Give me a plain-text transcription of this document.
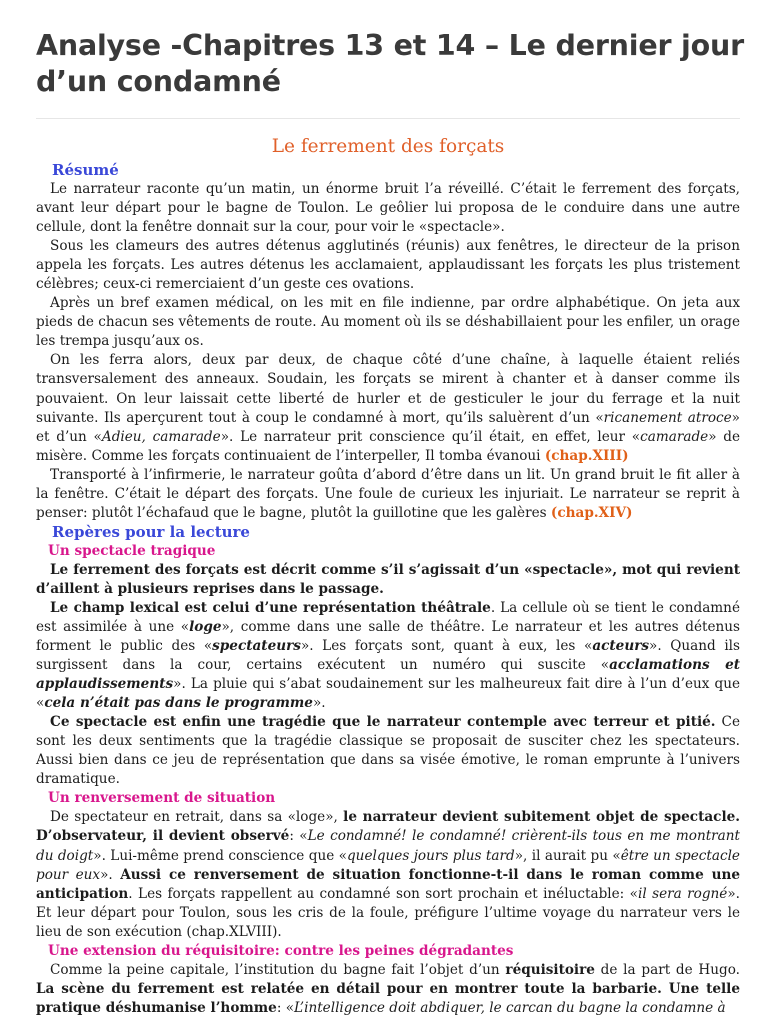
Analyse -Chapitres 13 et 14 – Le dernier jour d’un condamné
Le ferrement des forçats
Résumé

Le narrateur raconte qu’un matin, un énorme bruit l’a réveillé. C’était le ferrement des forçats, avant leur départ pour le bagne de Toulon. Le geôlier lui proposa de le conduire dans une autre cellule, dont la fenêtre donnait sur la cour, pour voir le «spectacle».

Sous les clameurs des autres détenus agglutinés (réunis) aux fenêtres, le directeur de la prison appela les forçats. Les autres détenus les acclamaient, applaudissant les forçats les plus tristement célèbres; ceux-ci remerciaient d’un geste ces ovations.

Après un bref examen médical, on les mit en file indienne, par ordre alphabétique. On jeta aux pieds de chacun ses vêtements de route. Au moment où ils se déshabillaient pour les enfiler, un orage les trempa jusqu’aux os.

On les ferra alors, deux par deux, de chaque côté d’une chaîne, à laquelle étaient reliés transversalement des anneaux. Soudain, les forçats se mirent à chanter et à danser comme ils pouvaient. On leur laissait cette liberté de hurler et de gesticuler le jour du ferrage et la nuit suivante. Ils aperçurent tout à coup le condamné à mort, qu’ils saluèrent d’un «ricanement atroce» et d’un «Adieu, camarade». Le narrateur prit conscience qu’il était, en effet, leur «camarade» de misère. Comme les forçats continuaient de l’interpeller, Il tomba évanoui (chap.XIII)

Transporté à l’infirmerie, le narrateur goûta d’abord d’être dans un lit. Un grand bruit le fit aller à la fenêtre. C’était le départ des forçats. Une foule de curieux les injuriait. Le narrateur se reprit à penser: plutôt l’échafaud que le bagne, plutôt la guillotine que les galères (chap.XIV)

Repères pour la lecture
Un spectacle tragique

Le ferrement des forçats est décrit comme s’il s’agissait d’un «spectacle», mot qui revient d’aillent à plusieurs reprises dans le passage.

Le champ lexical est celui d’une représentation théâtrale. La cellule où se tient le condamné est assimilée à une «loge», comme dans une salle de théâtre. Le narrateur et les autres détenus forment le public des «spectateurs». Les forçats sont, quant à eux, les «acteurs». Quand ils surgissent dans la cour, certains exécutent un numéro qui suscite «acclamations et applaudissements». La pluie qui s’abat soudainement sur les malheureux fait dire à l’un d’eux que «cela n’était pas dans le programme».

Ce spectacle est enfin une tragédie que le narrateur contemple avec terreur et pitié. Ce sont les deux sentiments que la tragédie classique se proposait de susciter chez les spectateurs. Aussi bien dans ce jeu de représentation que dans sa visée émotive, le roman emprunte à l’univers dramatique.

Un renversement de situation

De spectateur en retrait, dans sa «loge», le narrateur devient subitement objet de spectacle. D’observateur, il devient observé: «Le condamné! le condamné! crièrent-ils tous en me montrant du doigt». Lui-même prend conscience que «quelques jours plus tard», il aurait pu «être un spectacle pour eux». Aussi ce renversement de situation fonctionne-t-il dans le roman comme une anticipation. Les forçats rappellent au condamné son sort prochain et inéluctable: «il sera rogné». Et leur départ pour Toulon, sous les cris de la foule, préfigure l’ultime voyage du narrateur vers le lieu de son exécution (chap.XLVIII).

Une extension du réquisitoire: contre les peines dégradantes

Comme la peine capitale, l’institution du bagne fait l’objet d’un réquisitoire de la part de Hugo. La scène du ferrement est relatée en détail pour en montrer toute la barbarie. Une telle pratique déshumanise l’homme: «L’intelligence doit abdiquer, le carcan du bagne la condamne à
